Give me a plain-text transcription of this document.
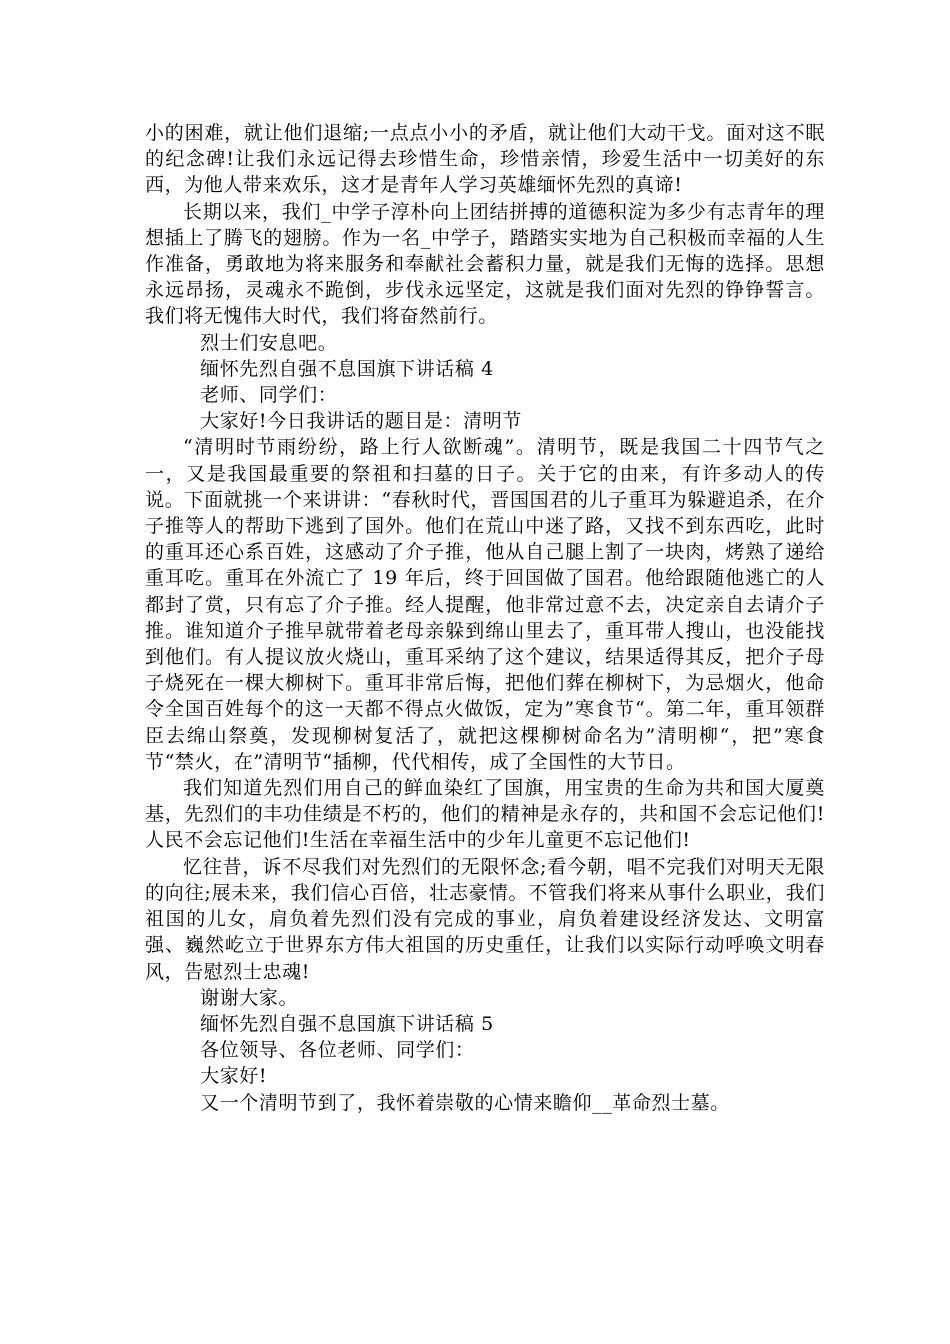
小的困难，就让他们退缩;一点点小小的矛盾，就让他们大动干戈。面对这不眠的纪念碑!让我们永远记得去珍惜生命，珍惜亲情，珍爱生活中一切美好的东西，为他人带来欢乐，这才是青年人学习英雄缅怀先烈的真谛!

长期以来，我们_中学子淳朴向上团结拼搏的道德积淀为多少有志青年的理想插上了腾飞的翅膀。作为一名_中学子，踏踏实实地为自己积极而幸福的人生作准备，勇敢地为将来服务和奉献社会蓄积力量，就是我们无悔的选择。思想永远昂扬，灵魂永不跪倒，步伐永远坚定，这就是我们面对先烈的铮铮誓言。我们将无愧伟大时代，我们将奋然前行。

烈士们安息吧。

缅怀先烈自强不息国旗下讲话稿 4

老师、同学们：

大家好!今日我讲话的题目是：清明节

“清明时节雨纷纷，路上行人欲断魂”。清明节，既是我国二十四节气之一，又是我国最重要的祭祖和扫墓的日子。关于它的由来，有许多动人的传说。下面就挑一个来讲讲：“春秋时代，晋国国君的儿子重耳为躲避追杀，在介子推等人的帮助下逃到了国外。他们在荒山中迷了路，又找不到东西吃，此时的重耳还心系百姓，这感动了介子推，他从自己腿上割了一块肉，烤熟了递给重耳吃。重耳在外流亡了 19 年后，终于回国做了国君。他给跟随他逃亡的人都封了赏，只有忘了介子推。经人提醒，他非常过意不去，决定亲自去请介子推。谁知道介子推早就带着老母亲躲到绵山里去了，重耳带人搜山，也没能找到他们。有人提议放火烧山，重耳采纳了这个建议，结果适得其反，把介子母子烧死在一棵大柳树下。重耳非常后悔，把他们葬在柳树下，为忌烟火，他命令全国百姓每个的这一天都不得点火做饭，定为”寒食节“。第二年，重耳领群臣去绵山祭奠，发现柳树复活了，就把这棵柳树命名为”清明柳“，把”寒食节“禁火，在”清明节“插柳，代代相传，成了全国性的大节日。

我们知道先烈们用自己的鲜血染红了国旗，用宝贵的生命为共和国大厦奠基，先烈们的丰功佳绩是不朽的，他们的精神是永存的，共和国不会忘记他们!人民不会忘记他们!生活在幸福生活中的少年儿童更不忘记他们!

忆往昔，诉不尽我们对先烈们的无限怀念;看今朝，唱不完我们对明天无限的向往;展未来，我们信心百倍，壮志豪情。不管我们将来从事什么职业，我们祖国的儿女，肩负着先烈们没有完成的事业，肩负着建设经济发达、文明富强、巍然屹立于世界东方伟大祖国的历史重任，让我们以实际行动呼唤文明春风，告慰烈士忠魂!

谢谢大家。

缅怀先烈自强不息国旗下讲话稿 5

各位领导、各位老师、同学们：

大家好!

又一个清明节到了，我怀着崇敬的心情来瞻仰__革命烈士墓。
